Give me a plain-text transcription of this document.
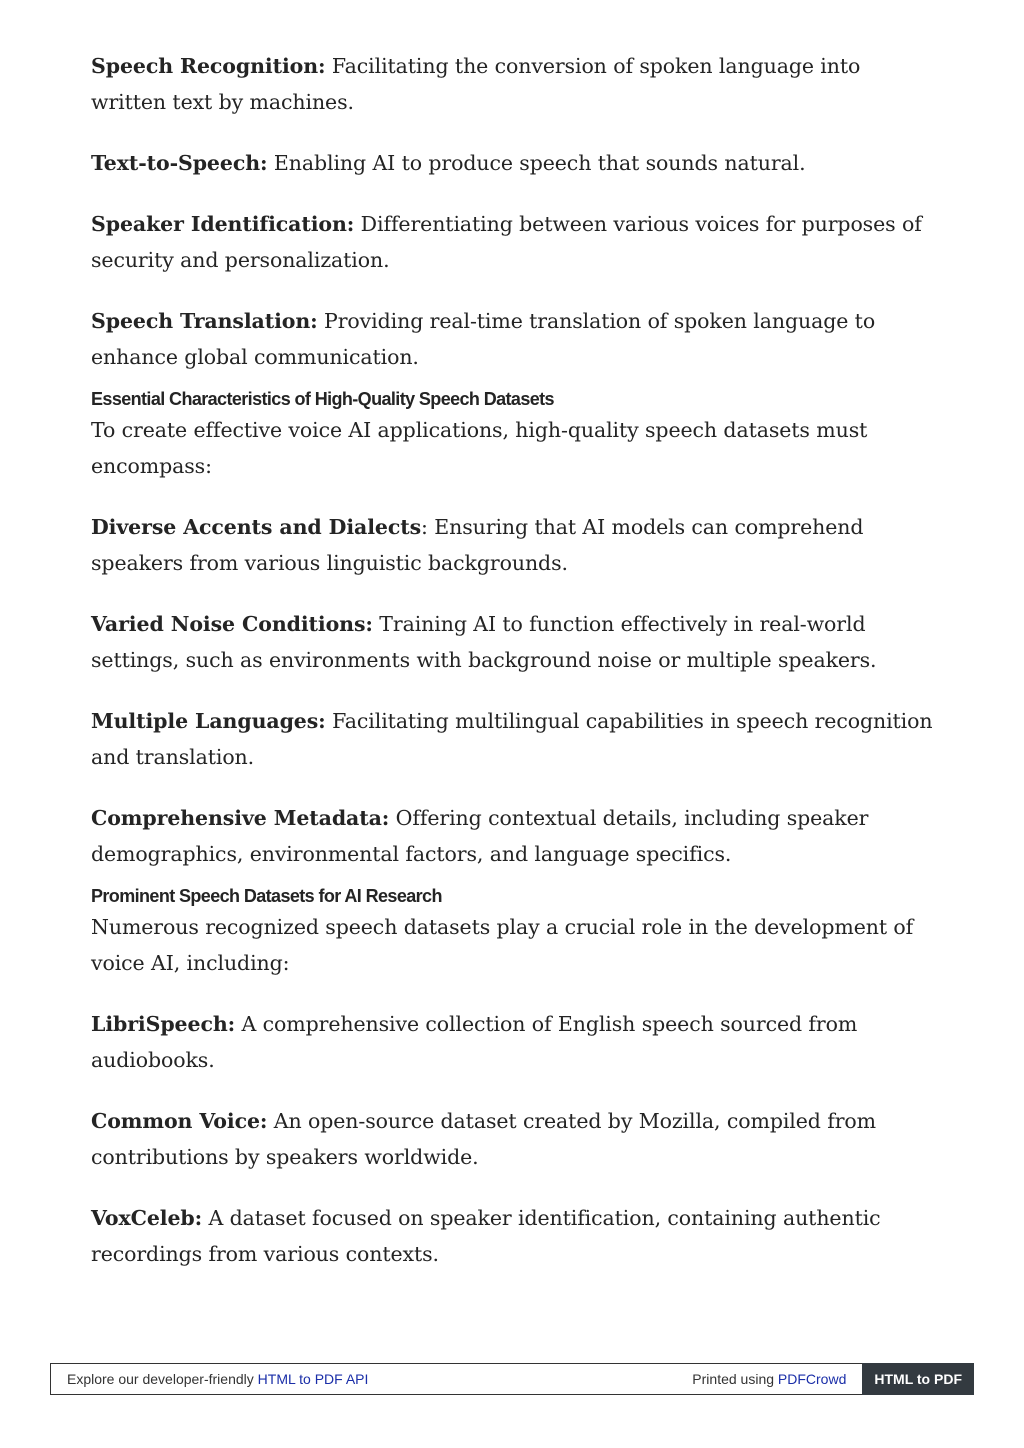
Speech Recognition: Facilitating the conversion of spoken language into written text by machines.

Text-to-Speech: Enabling AI to produce speech that sounds natural.

Speaker Identification: Differentiating between various voices for purposes of security and personalization.

Speech Translation: Providing real-time translation of spoken language to enhance global communication.

Essential Characteristics of High-Quality Speech Datasets

To create effective voice AI applications, high-quality speech datasets must encompass:

Diverse Accents and Dialects: Ensuring that AI models can comprehend speakers from various linguistic backgrounds.

Varied Noise Conditions: Training AI to function effectively in real-world settings, such as environments with background noise or multiple speakers.

Multiple Languages: Facilitating multilingual capabilities in speech recognition and translation.

Comprehensive Metadata: Offering contextual details, including speaker demographics, environmental factors, and language specifics.

Prominent Speech Datasets for AI Research

Numerous recognized speech datasets play a crucial role in the development of voice AI, including:

LibriSpeech: A comprehensive collection of English speech sourced from audiobooks.

Common Voice: An open-source dataset created by Mozilla, compiled from contributions by speakers worldwide.

VoxCeleb: A dataset focused on speaker identification, containing authentic recordings from various contexts.

Explore our developer-friendly HTML to PDF API	Printed using PDFCrowd	HTML to PDF
